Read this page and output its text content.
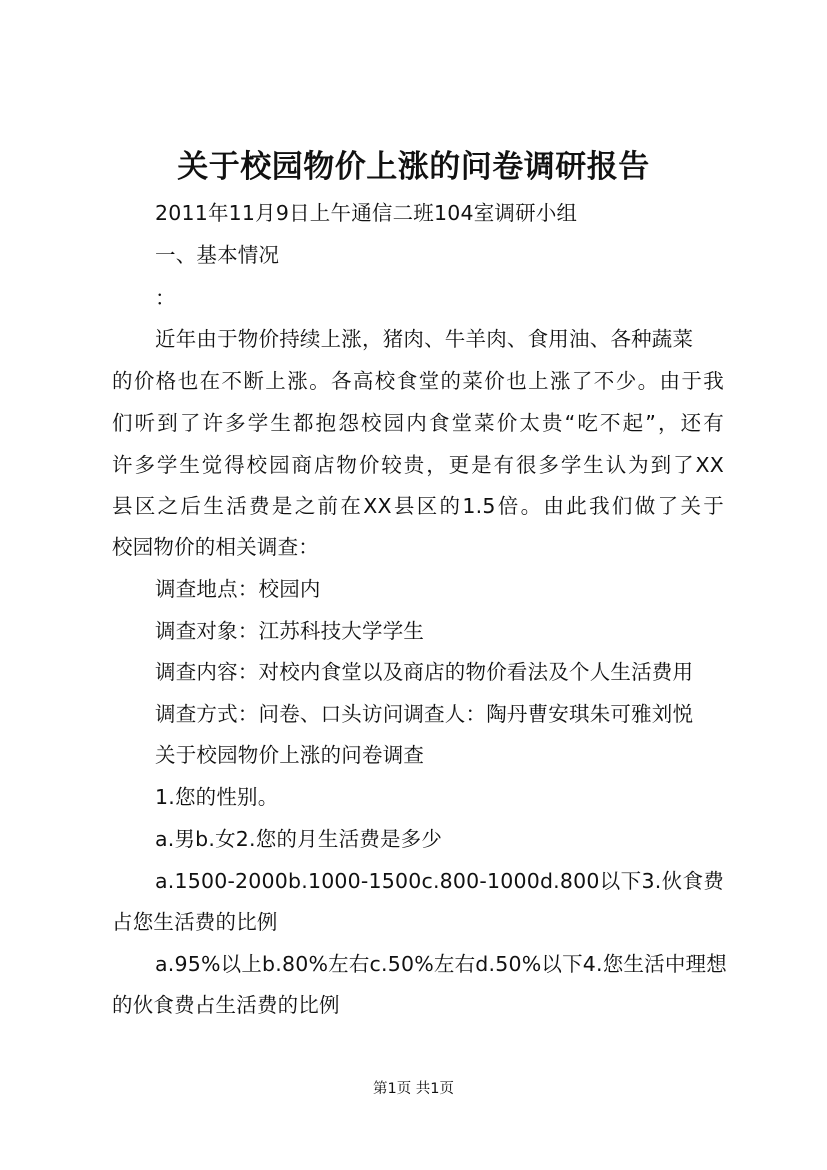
关于校园物价上涨的问卷调研报告
2011年11月9日上午通信二班104室调研小组
一、基本情况
：
近年由于物价持续上涨，猪肉、牛羊肉、食用油、各种蔬菜
的价格也在不断上涨。各高校食堂的菜价也上涨了不少。由于我
们听到了许多学生都抱怨校园内食堂菜价太贵“吃不起”，还有
许多学生觉得校园商店物价较贵，更是有很多学生认为到了XX
县区之后生活费是之前在XX县区的1.5倍。由此我们做了关于
校园物价的相关调查：
调查地点：校园内
调查对象：江苏科技大学学生
调查内容：对校内食堂以及商店的物价看法及个人生活费用
调查方式：问卷、口头访问调查人：陶丹曹安琪朱可雅刘悦
关于校园物价上涨的问卷调查
1.您的性别。
a.男b.女2.您的月生活费是多少
a.1500-2000b.1000-1500c.800-1000d.800以下3.伙食费
占您生活费的比例
a.95%以上b.80%左右c.50%左右d.50%以下4.您生活中理想
的伙食费占生活费的比例
第1页 共1页
